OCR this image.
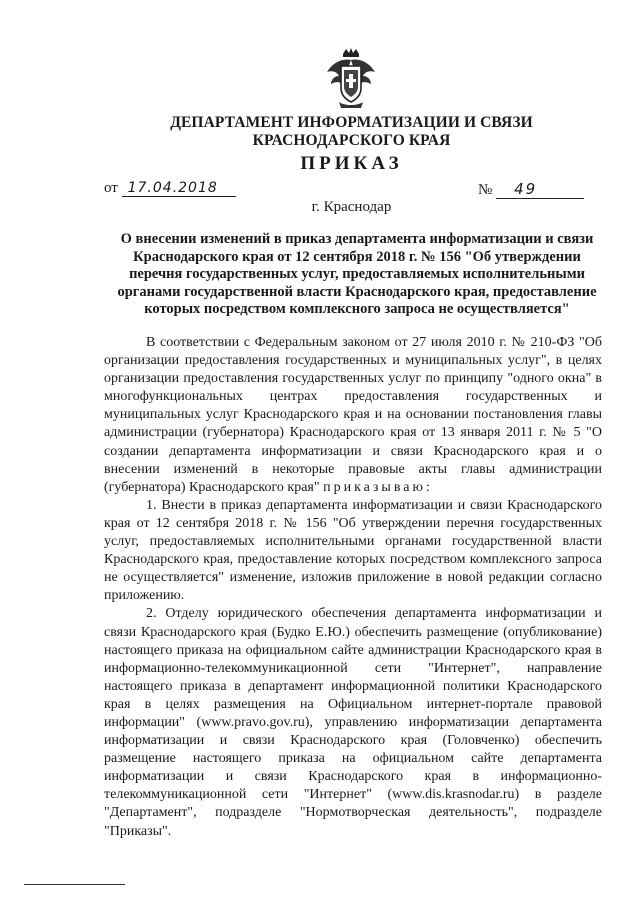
ДЕПАРТАМЕНТ ИНФОРМАТИЗАЦИИ И СВЯЗИ
КРАСНОДАРСКОГО КРАЯ
ПРИКАЗ
от 17.04.2018	№ 49
г. Краснодар
О внесении изменений в приказ департамента информатизации и связи
Краснодарского края от 12 сентября 2018 г. № 156 "Об утверждении
перечня государственных услуг, предоставляемых исполнительными
органами государственной власти Краснодарского края, предоставление
которых посредством комплексного запроса не осуществляется"

В соответствии с Федеральным законом от 27 июля 2010 г. № 210-ФЗ "Об организации предоставления государственных и муниципальных услуг", в целях организации предоставления государственных услуг по принципу "одного окна" в многофункциональных центрах предоставления государственных и муниципальных услуг Краснодарского края и на основании постановления главы администрации (губернатора) Краснодарского края от 13 января 2011 г. № 5 "О создании департамента информатизации и связи Краснодарского края и о внесении изменений в некоторые правовые акты главы администрации (губернатора) Краснодарского края" приказываю:

1. Внести в приказ департамента информатизации и связи Краснодарского края от 12 сентября 2018 г. № 156 "Об утверждении перечня государственных услуг, предоставляемых исполнительными органами государственной власти Краснодарского края, предоставление которых посредством комплексного запроса не осуществляется" изменение, изложив приложение в новой редакции согласно приложению.

2. Отделу юридического обеспечения департамента информатизации и связи Краснодарского края (Будко Е.Ю.) обеспечить размещение (опубликование) настоящего приказа на официальном сайте администрации Краснодарского края в информационно-телекоммуникационной сети "Интернет", направление настоящего приказа в департамент информационной политики Краснодарского края в целях размещения на Официальном интернет-портале правовой информации" (www.pravo.gov.ru), управлению информатизации департамента информатизации и связи Краснодарского края (Головченко) обеспечить размещение настоящего приказа на официальном сайте департамента информатизации и связи Краснодарского края в информационно-телекоммуникационной сети "Интернет" (www.dis.krasnodar.ru) в разделе "Департамент", подразделе "Нормотворческая деятельность", подразделе "Приказы".
